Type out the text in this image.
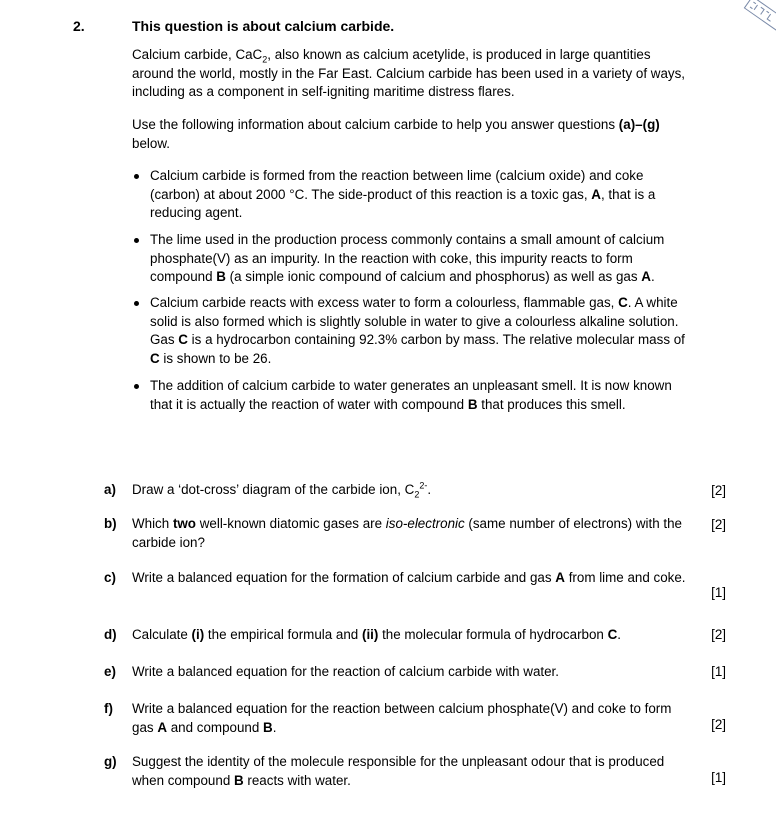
2.	This question is about calcium carbide.
Calcium carbide, CaC$_2$, also known as calcium acetylide, is produced in large quantities around the world, mostly in the Far East. Calcium carbide has been used in a variety of ways, including as a component in self-igniting maritime distress flares.
Use the following information about calcium carbide to help you answer questions (a)–(g) below.
Calcium carbide is formed from the reaction between lime (calcium oxide) and coke (carbon) at about 2000 °C. The side-product of this reaction is a toxic gas, A, that is a reducing agent.
The lime used in the production process commonly contains a small amount of calcium phosphate(V) as an impurity. In the reaction with coke, this impurity reacts to form compound B (a simple ionic compound of calcium and phosphorus) as well as gas A.
Calcium carbide reacts with excess water to form a colourless, flammable gas, C. A white solid is also formed which is slightly soluble in water to give a colourless alkaline solution. Gas C is a hydrocarbon containing 92.3% carbon by mass. The relative molecular mass of C is shown to be 26.
The addition of calcium carbide to water generates an unpleasant smell. It is now known that it is actually the reaction of water with compound B that produces this smell.
a) Draw a ‘dot-cross’ diagram of the carbide ion, $C_2^{2-}$.	[2]
b) Which two well-known diatomic gases are iso-electronic (same number of electrons) with the carbide ion?
[2]
c) Write a balanced equation for the formation of calcium carbide and gas A from lime and coke.
[1]
d) Calculate (i) the empirical formula and (ii) the molecular formula of hydrocarbon C.	[2]
e) Write a balanced equation for the reaction of calcium carbide with water.	[1]
f) Write a balanced equation for the reaction between calcium phosphate(V) and coke to form gas A and compound B.	[2]
g) Suggest the identity of the molecule responsible for the unpleasant odour that is produced when compound B reacts with water.	[1]
